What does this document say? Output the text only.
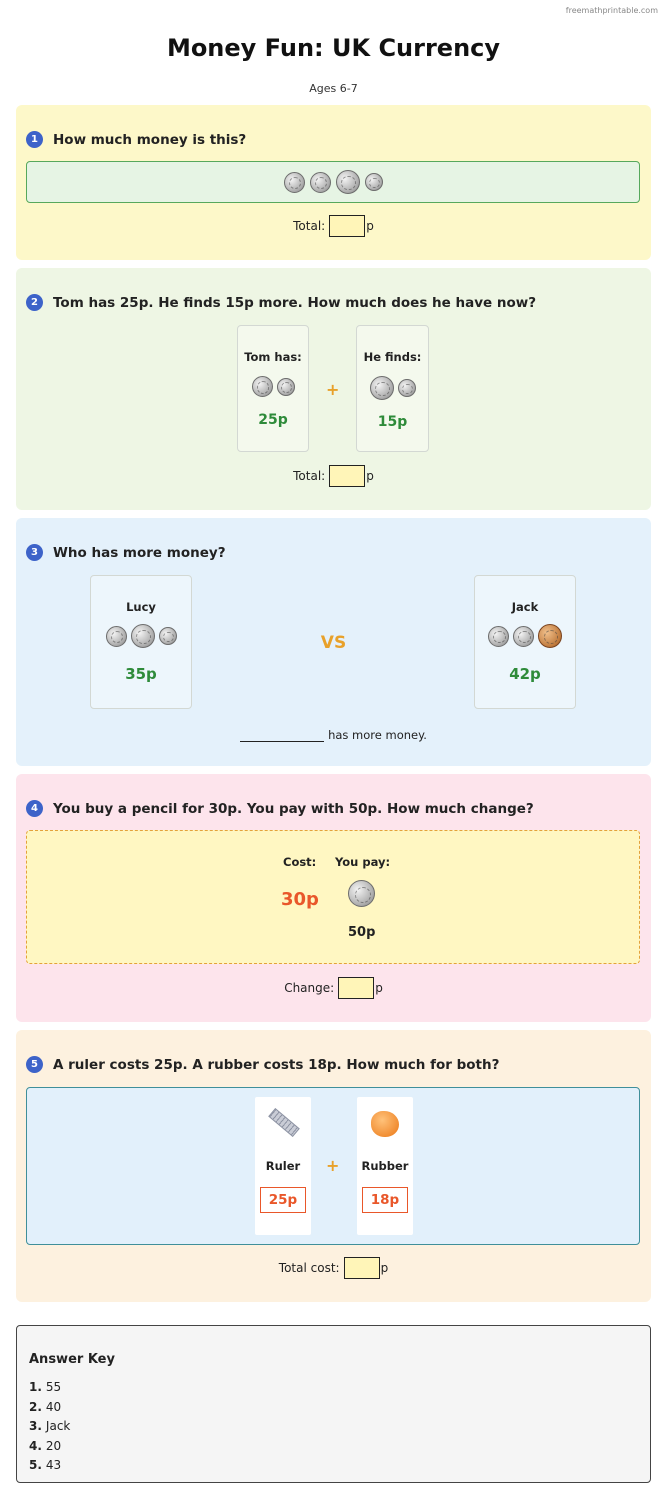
freemathprintable.com
Money Fun: UK Currency
Ages 6-7
1	How much money is this?
Total:	p
2	Tom has 25p. He finds 15p more. How much does he have now?
Tom has:
25p
+
He finds:
15p
Total:	p
3	Who has more money?
Lucy
35p
VS
Jack
42p
has more money.
4	You buy a pencil for 30p. You pay with 50p. How much change?
Cost:
30p
You pay:
50p
Change:	p
5	A ruler costs 25p. A rubber costs 18p. How much for both?
Ruler
25p
+	Rubber
18p
Total cost:	p
Answer Key
1. 55
2. 40
3. Jack
4. 20
5. 43
